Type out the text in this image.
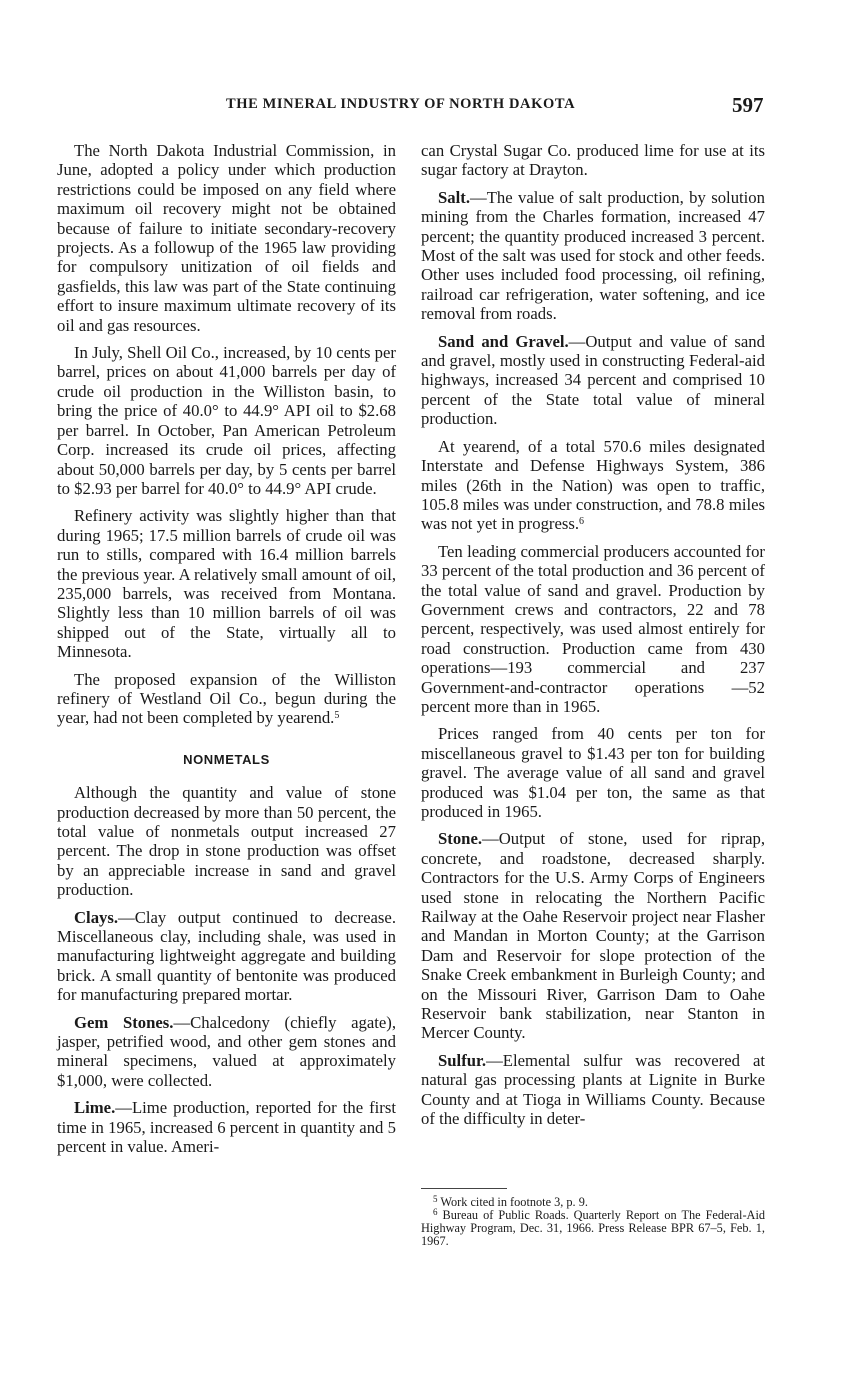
THE MINERAL INDUSTRY OF NORTH DAKOTA	597

The North Dakota Industrial Commission, in June, adopted a policy under which production restrictions could be imposed on any field where maximum oil recovery might not be obtained because of failure to initiate secondary-recovery projects. As a followup of the 1965 law providing for compulsory unitization of oil fields and gasfields, this law was part of the State continuing effort to insure maximum ultimate recovery of its oil and gas resources.

In July, Shell Oil Co., increased, by 10 cents per barrel, prices on about 41,000 barrels per day of crude oil production in the Williston basin, to bring the price of 40.0° to 44.9° API oil to $2.68 per barrel. In October, Pan American Petroleum Corp. increased its crude oil prices, affecting about 50,000 barrels per day, by 5 cents per barrel to $2.93 per barrel for 40.0° to 44.9° API crude.

Refinery activity was slightly higher than that during 1965; 17.5 million barrels of crude oil was run to stills, compared with 16.4 million barrels the previous year. A relatively small amount of oil, 235,000 barrels, was received from Montana. Slightly less than 10 million barrels of oil was shipped out of the State, virtually all to Minnesota.

The proposed expansion of the Williston refinery of Westland Oil Co., begun during the year, had not been completed by yearend.$^5$

NONMETALS

Although the quantity and value of stone production decreased by more than 50 percent, the total value of nonmetals output increased 27 percent. The drop in stone production was offset by an appreciable increase in sand and gravel production.

Clays.—Clay output continued to decrease. Miscellaneous clay, including shale, was used in manufacturing lightweight aggregate and building brick. A small quantity of bentonite was produced for manufacturing prepared mortar.

Gem Stones.—Chalcedony (chiefly agate), jasper, petrified wood, and other gem stones and mineral specimens, valued at approximately $1,000, were collected.

Lime.—Lime production, reported for the first time in 1965, increased 6 percent in quantity and 5 percent in value. Ameri-

can Crystal Sugar Co. produced lime for use at its sugar factory at Drayton.

Salt.—The value of salt production, by solution mining from the Charles formation, increased 47 percent; the quantity produced increased 3 percent. Most of the salt was used for stock and other feeds. Other uses included food processing, oil refining, railroad car refrigeration, water softening, and ice removal from roads.

Sand and Gravel.—Output and value of sand and gravel, mostly used in constructing Federal-aid highways, increased 34 percent and comprised 10 percent of the State total value of mineral production.

At yearend, of a total 570.6 miles designated Interstate and Defense Highways System, 386 miles (26th in the Nation) was open to traffic, 105.8 miles was under construction, and 78.8 miles was not yet in progress.$^6$

Ten leading commercial producers accounted for 33 percent of the total production and 36 percent of the total value of sand and gravel. Production by Government crews and contractors, 22 and 78 percent, respectively, was used almost entirely for road construction. Production came from 430 operations—193 commercial and 237 Government-and-contractor operations —52 percent more than in 1965.

Prices ranged from 40 cents per ton for miscellaneous gravel to $1.43 per ton for building gravel. The average value of all sand and gravel produced was $1.04 per ton, the same as that produced in 1965.

Stone.—Output of stone, used for riprap, concrete, and roadstone, decreased sharply. Contractors for the U.S. Army Corps of Engineers used stone in relocating the Northern Pacific Railway at the Oahe Reservoir project near Flasher and Mandan in Morton County; at the Garrison Dam and Reservoir for slope protection of the Snake Creek embankment in Burleigh County; and on the Missouri River, Garrison Dam to Oahe Reservoir bank stabilization, near Stanton in Mercer County.

Sulfur.—Elemental sulfur was recovered at natural gas processing plants at Lignite in Burke County and at Tioga in Williams County. Because of the difficulty in deter-

$^5$ Work cited in footnote 3, p. 9.

$^6$ Bureau of Public Roads. Quarterly Report on The Federal-Aid Highway Program, Dec. 31, 1966. Press Release BPR 67–5, Feb. 1, 1967.
